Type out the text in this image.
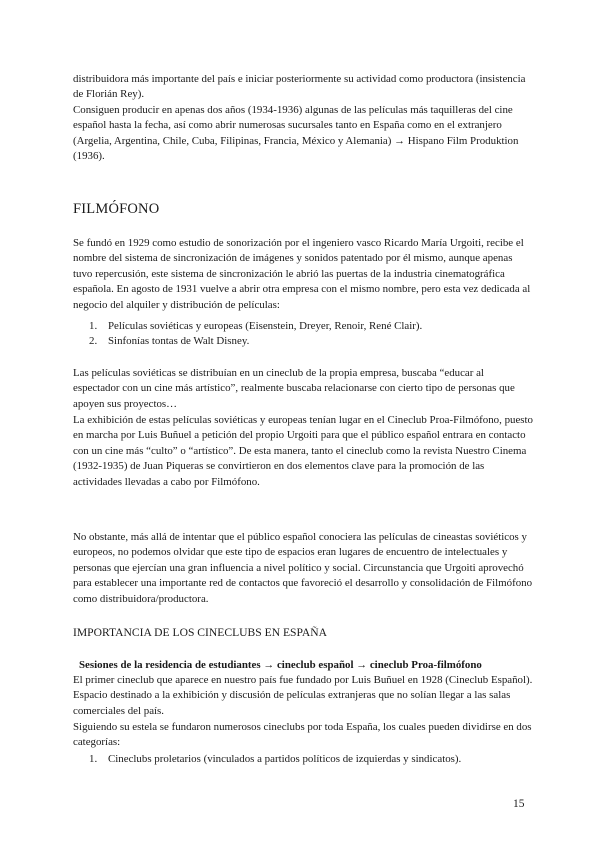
distribuidora más importante del país e iniciar posteriormente su actividad como productora (insistencia de Florián Rey).

Consiguen producir en apenas dos años (1934-1936) algunas de las películas más taquilleras del cine español hasta la fecha, así como abrir numerosas sucursales tanto en España como en el extranjero (Argelia, Argentina, Chile, Cuba, Filipinas, Francia, México y Alemania) → Hispano Film Produktion (1936).

FILMÓFONO

Se fundó en 1929 como estudio de sonorización por el ingeniero vasco Ricardo María Urgoiti, recibe el nombre del sistema de sincronización de imágenes y sonidos patentado por él mismo, aunque apenas tuvo repercusión, este sistema de sincronización le abrió las puertas de la industria cinematográfica española. En agosto de 1931 vuelve a abrir otra empresa con el mismo nombre, pero esta vez dedicada al negocio del alquiler y distribución de películas:

1. Películas soviéticas y europeas (Eisenstein, Dreyer, Renoir, René Clair).
2. Sinfonías tontas de Walt Disney.

Las películas soviéticas se distribuían en un cineclub de la propia empresa, buscaba “educar al espectador con un cine más artístico”, realmente buscaba relacionarse con cierto tipo de personas que apoyen sus proyectos…

La exhibición de estas películas soviéticas y europeas tenían lugar en el Cineclub Proa-Filmófono, puesto en marcha por Luis Buñuel a petición del propio Urgoiti para que el público español entrara en contacto con un cine más “culto” o “artístico”. De esta manera, tanto el cineclub como la revista Nuestro Cinema (1932-1935) de Juan Piqueras se convirtieron en dos elementos clave para la promoción de las actividades llevadas a cabo por Filmófono.

No obstante, más allá de intentar que el público español conociera las películas de cineastas soviéticos y europeos, no podemos olvidar que este tipo de espacios eran lugares de encuentro de intelectuales y personas que ejercían una gran influencia a nivel político y social. Circunstancia que Urgoiti aprovechó para establecer una importante red de contactos que favoreció el desarrollo y consolidación de Filmófono como distribuidora/productora.

IMPORTANCIA DE LOS CINECLUBS EN ESPAÑA

Sesiones de la residencia de estudiantes → cineclub español → cineclub Proa-filmófono

El primer cineclub que aparece en nuestro país fue fundado por Luis Buñuel en 1928 (Cineclub Español). Espacio destinado a la exhibición y discusión de películas extranjeras que no solían llegar a las salas comerciales del país.

Siguiendo su estela se fundaron numerosos cineclubs por toda España, los cuales pueden dividirse en dos categorías:

1. Cineclubs proletarios (vinculados a partidos políticos de izquierdas y sindicatos).
15
